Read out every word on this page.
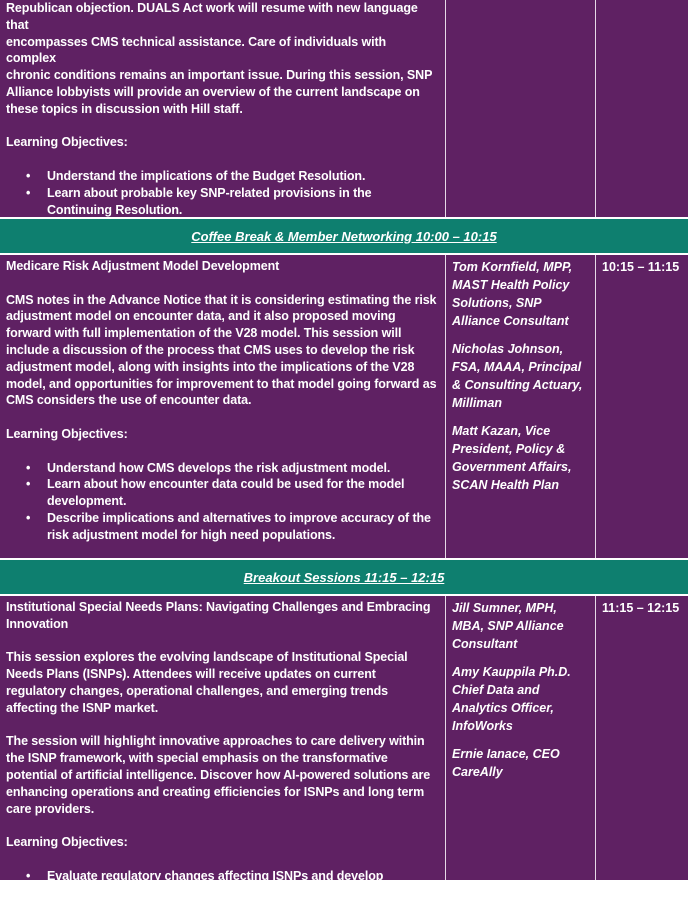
Republican objection. DUALS Act work will resume with new language that

encompasses CMS technical assistance. Care of individuals with complex

chronic conditions remains an important issue. During this session, SNP

Alliance lobbyists will provide an overview of the current landscape on

these topics in discussion with Hill staff.

Learning Objectives:

• Understand the implications of the Budget Resolution.
• Learn about probable key SNP-related provisions in the Continuing Resolution.
•
Coffee Break & Member Networking 10:00 – 10:15

Medicare Risk Adjustment Model Development

CMS notes in the Advance Notice that it is considering estimating the risk adjustment model on encounter data, and it also proposed moving forward with full implementation of the V28 model. This session will include a discussion of the process that CMS uses to develop the risk adjustment model, along with insights into the implications of the V28 model, and opportunities for improvement to that model going forward as CMS considers the use of encounter data.

Learning Objectives:

• Understand how CMS develops the risk adjustment model.
• Learn about how encounter data could be used for the model development.
• Describe implications and alternatives to improve accuracy of the risk adjustment model for high need populations.

Tom Kornfield, MPP, MAST Health Policy Solutions, SNP Alliance Consultant

Nicholas Johnson, FSA, MAAA, Principal & Consulting Actuary, Milliman

Matt Kazan, Vice President, Policy & Government Affairs, SCAN Health Plan

10:15 – 11:15
Breakout Sessions 11:15 – 12:15

Institutional Special Needs Plans: Navigating Challenges and Embracing Innovation

This session explores the evolving landscape of Institutional Special Needs Plans (ISNPs). Attendees will receive updates on current regulatory changes, operational challenges, and emerging trends affecting the ISNP market.

The session will highlight innovative approaches to care delivery within the ISNP framework, with special emphasis on the transformative potential of artificial intelligence. Discover how AI-powered solutions are enhancing operations and creating efficiencies for ISNPs and long term care providers.

Learning Objectives:

• Evaluate regulatory changes affecting ISNPs and develop strategies to maintain compliance while optimizing care delivery and reimbursement models.

Jill Sumner, MPH, MBA, SNP Alliance Consultant

Amy Kauppila Ph.D. Chief Data and Analytics Officer, InfoWorks

Ernie Ianace, CEO CareAlly

11:15 – 12:15
